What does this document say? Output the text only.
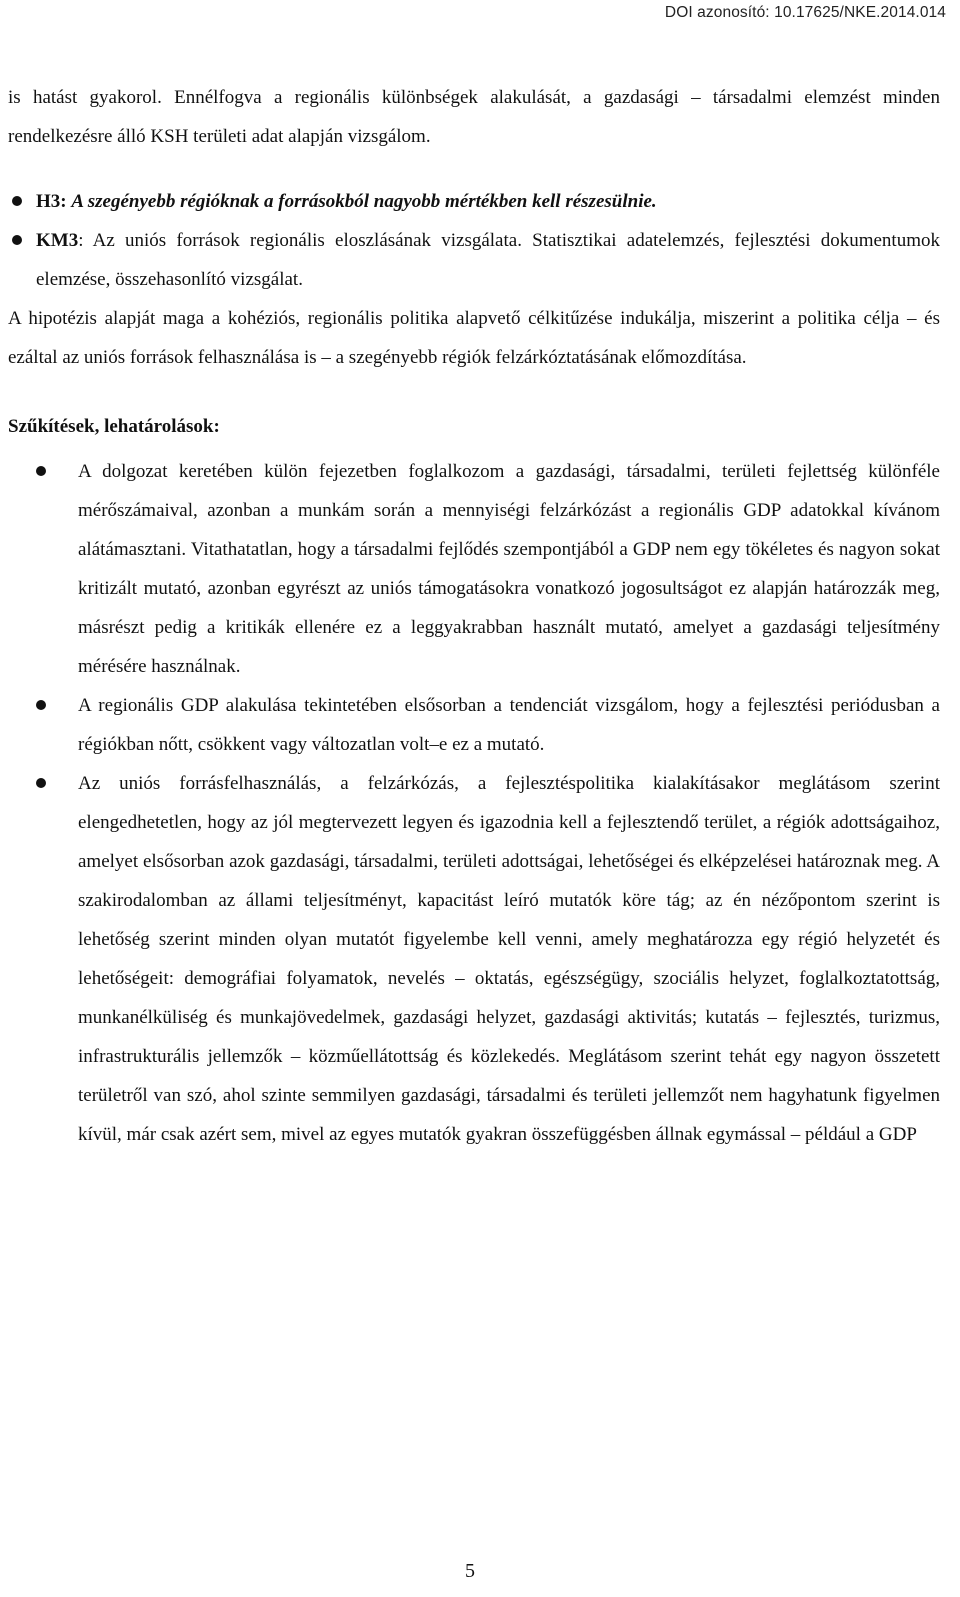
DOI azonosító: 10.17625/NKE.2014.014

is hatást gyakorol. Ennélfogva a regionális különbségek alakulását, a gazdasági – társadalmi elemzést minden rendelkezésre álló KSH területi adat alapján vizsgálom.

H3: A szegényebb régióknak a forrásokból nagyobb mértékben kell részesülnie.

KM3: Az uniós források regionális eloszlásának vizsgálata. Statisztikai adatelemzés, fejlesztési dokumentumok elemzése, összehasonlító vizsgálat.

A hipotézis alapját maga a kohéziós, regionális politika alapvető célkitűzése indukálja, miszerint a politika célja – és ezáltal az uniós források felhasználása is – a szegényebb régiók felzárkóztatásának előmozdítása.

Szűkítések, lehatárolások:

A dolgozat keretében külön fejezetben foglalkozom a gazdasági, társadalmi, területi fejlettség különféle mérőszámaival, azonban a munkám során a mennyiségi felzárkózást a regionális GDP adatokkal kívánom alátámasztani. Vitathatatlan, hogy a társadalmi fejlődés szempontjából a GDP nem egy tökéletes és nagyon sokat kritizált mutató, azonban egyrészt az uniós támogatásokra vonatkozó jogosultságot ez alapján határozzák meg, másrészt pedig a kritikák ellenére ez a leggyakrabban használt mutató, amelyet a gazdasági teljesítmény mérésére használnak.

A regionális GDP alakulása tekintetében elsősorban a tendenciát vizsgálom, hogy a fejlesztési periódusban a régiókban nőtt, csökkent vagy változatlan volt–e ez a mutató.

Az uniós forrásfelhasználás, a felzárkózás, a fejlesztéspolitika kialakításakor meglátásom szerint elengedhetetlen, hogy az jól megtervezett legyen és igazodnia kell a fejlesztendő terület, a régiók adottságaihoz, amelyet elsősorban azok gazdasági, társadalmi, területi adottságai, lehetőségei és elképzelései határoznak meg. A szakirodalomban az állami teljesítményt, kapacitást leíró mutatók köre tág; az én nézőpontom szerint is lehetőség szerint minden olyan mutatót figyelembe kell venni, amely meghatározza egy régió helyzetét és lehetőségeit: demográfiai folyamatok, nevelés – oktatás, egészségügy, szociális helyzet, foglalkoztatottság, munkanélküliség és munkajövedelmek, gazdasági helyzet, gazdasági aktivitás; kutatás – fejlesztés, turizmus, infrastrukturális jellemzők – közműellátottság és közlekedés. Meglátásom szerint tehát egy nagyon összetett területről van szó, ahol szinte semmilyen gazdasági, társadalmi és területi jellemzőt nem hagyhatunk figyelmen kívül, már csak azért sem, mivel az egyes mutatók gyakran összefüggésben állnak egymással – például a GDP

5
